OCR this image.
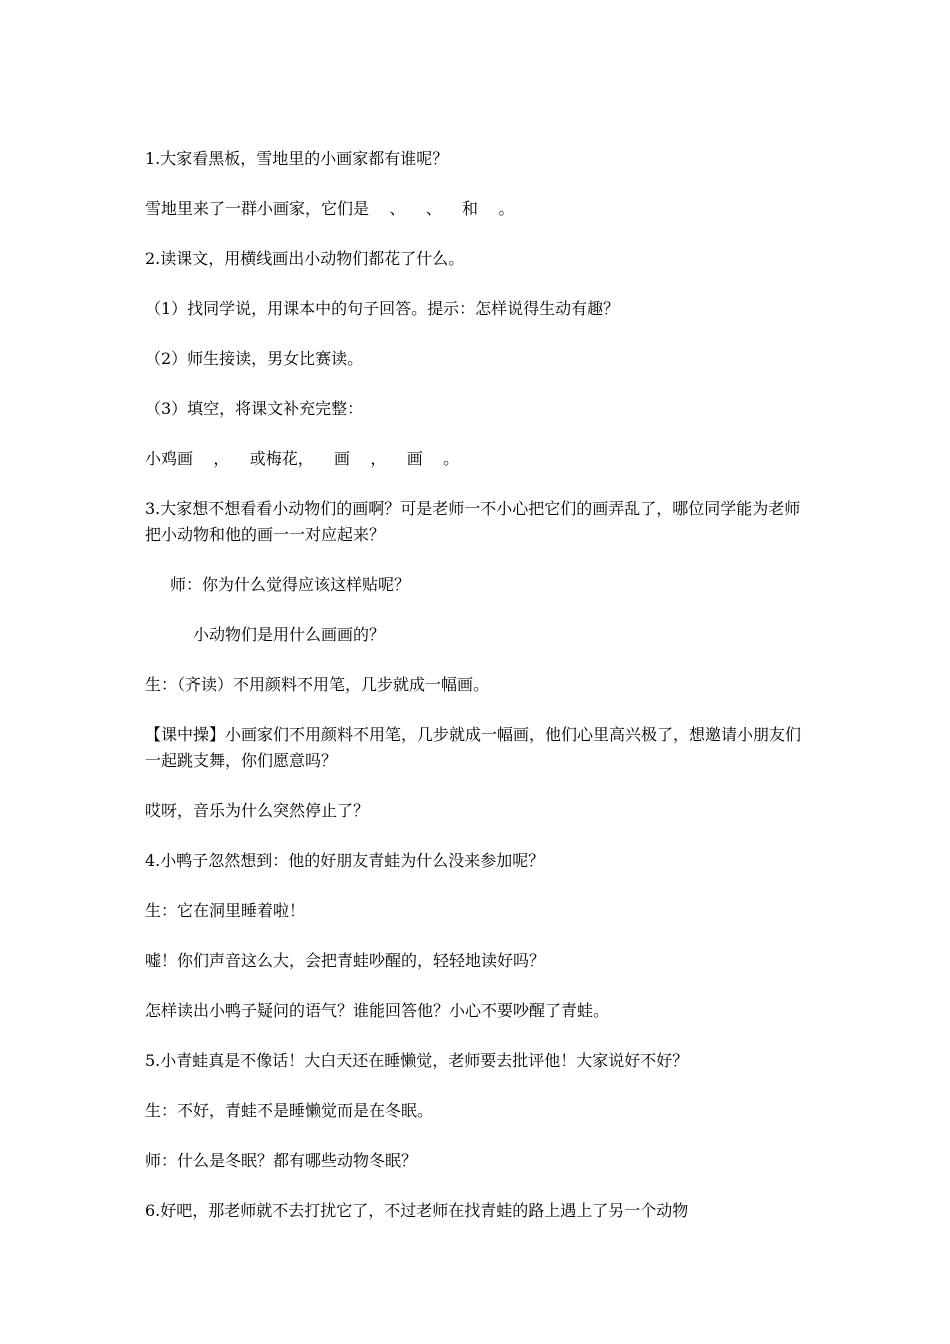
1.大家看黑板，雪地里的小画家都有谁呢？

雪地里来了一群小画家，它们是    、    、    和    。

2.读课文，用横线画出小动物们都花了什么。

（1）找同学说，用课本中的句子回答。提示：怎样说得生动有趣？

（2）师生接读，男女比赛读。

（3）填空，将课文补充完整：

小鸡画    ，    或梅花，    画    ，    画    。

3.大家想不想看看小动物们的画啊？可是老师一不小心把它们的画弄乱了，哪位同学能为老师把小动物和他的画一一对应起来？

师：你为什么觉得应该这样贴呢？

小动物们是用什么画画的？

生：（齐读）不用颜料不用笔，几步就成一幅画。

【课中操】小画家们不用颜料不用笔，几步就成一幅画，他们心里高兴极了，想邀请小朋友们一起跳支舞，你们愿意吗？

哎呀，音乐为什么突然停止了？

4.小鸭子忽然想到：他的好朋友青蛙为什么没来参加呢？

生：它在洞里睡着啦！

嘘！你们声音这么大，会把青蛙吵醒的，轻轻地读好吗？

怎样读出小鸭子疑问的语气？谁能回答他？小心不要吵醒了青蛙。

5.小青蛙真是不像话！大白天还在睡懒觉，老师要去批评他！大家说好不好？

生：不好，青蛙不是睡懒觉而是在冬眠。

师：什么是冬眠？都有哪些动物冬眠？

6.好吧，那老师就不去打扰它了，不过老师在找青蛙的路上遇上了另一个动物
